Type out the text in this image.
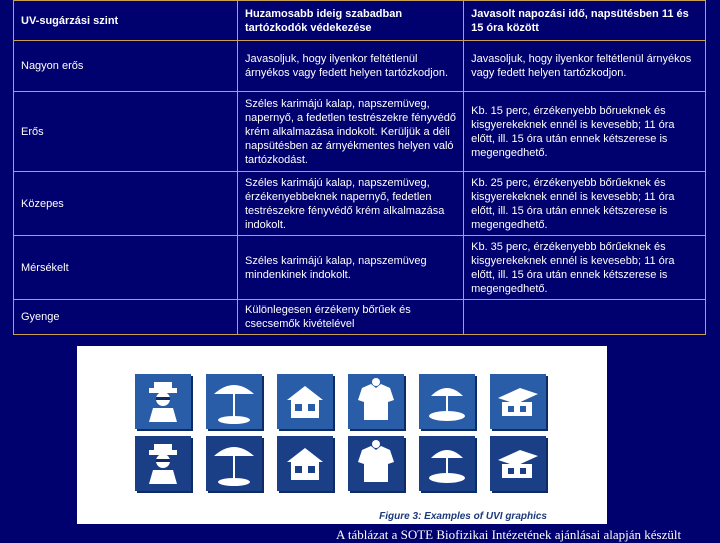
UV-sugárzási szint	Huzamosabb ideig szabadban tartózkodók védekezése	Javasolt napozási idő, napsütésben 11 és 15 óra között
Nagyon erős	Javasoljuk, hogy ilyenkor feltétlenül árnyékos vagy fedett helyen tartózkodjon.	Javasoljuk, hogy ilyenkor feltétlenül árnyékos vagy fedett helyen tartózkodjon.
Erős	Széles karimájú kalap, napszemüveg, napernyő, a fedetlen testrészekre fényvédő krém alkalmazása indokolt. Kerüljük a déli napsütésben az árnyékmentes helyen való tartózkodást.	Kb. 15 perc, érzékenyebb bőrueknek és kisgyerekeknek ennél is kevesebb; 11 óra előtt, ill. 15 óra után ennek kétszerese is megengedhető.
Közepes	Széles karimájú kalap, napszemüveg, érzékenyebbeknek napernyő, fedetlen testrészekre fényvédő krém alkalmazása indokolt.	Kb. 25 perc, érzékenyebb bőrűeknek és kisgyerekeknek ennél is kevesebb; 11 óra előtt, ill. 15 óra után ennek kétszerese is megengedhető.
Mérsékelt	Széles karimájú kalap, napszemüveg mindenkinek indokolt.	Kb. 35 perc, érzékenyebb bőrűeknek és kisgyerekeknek ennél is kevesebb; 11 óra előtt, ill. 15 óra után ennek kétszerese is megengedhető.
Gyenge	Különlegesen érzékeny bőrűek és csecsemők kivételével	
Figure 3: Examples of UVI graphics
A táblázat a SOTE Biofizikai Intézetének ajánlásai alapján készült
